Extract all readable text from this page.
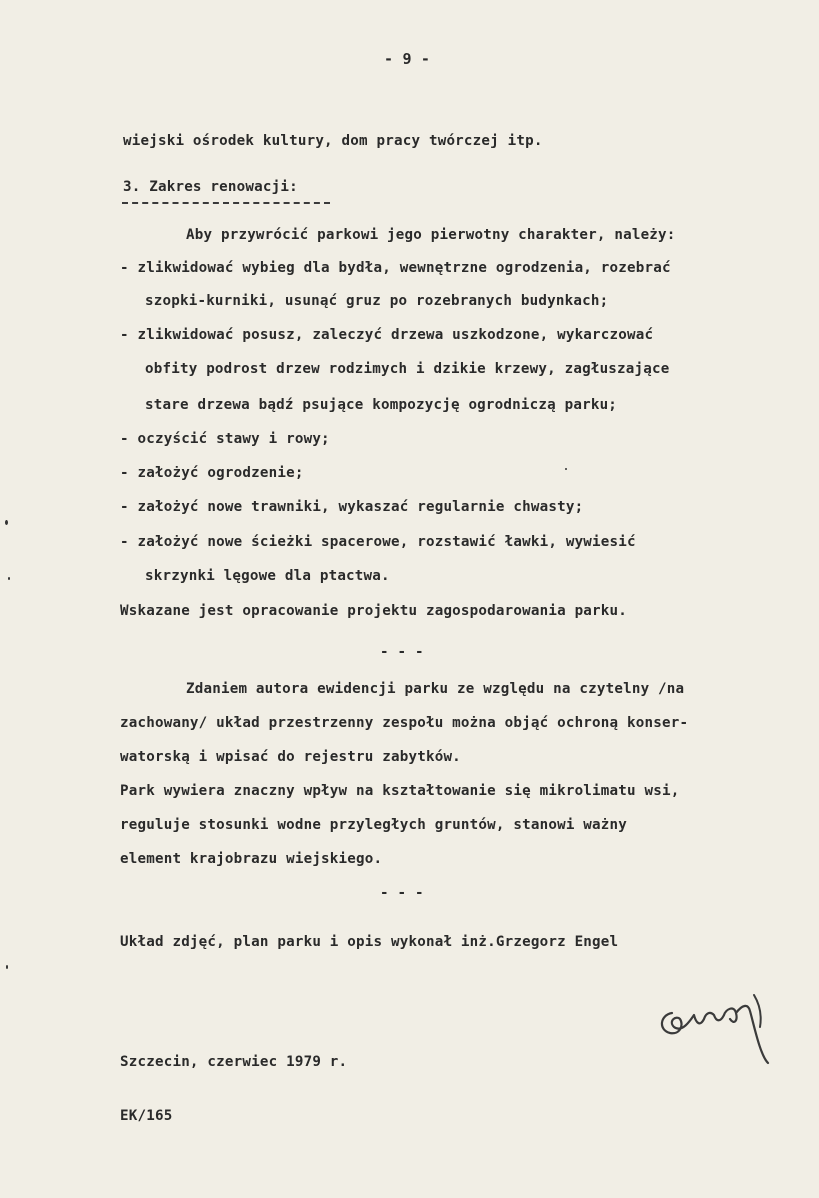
- 9 -

wiejski ośrodek kultury, dom pracy twórczej itp.

3. Zakres renowacji:

Aby przywrócić parkowi jego pierwotny charakter, należy:

- zlikwidować wybieg dla bydła, wewnętrzne ogrodzenia, rozebrać

szopki-kurniki, usunąć gruz po rozebranych budynkach;

- zlikwidować posusz, zaleczyć drzewa uszkodzone, wykarczować

obfity podrost drzew rodzimych i dzikie krzewy, zagłuszające

stare drzewa bądź psujące kompozycję ogrodniczą parku;

- oczyścić stawy i rowy;

- założyć ogrodzenie;

- założyć nowe trawniki, wykaszać regularnie chwasty;

- założyć nowe ścieżki spacerowe, rozstawić ławki, wywiesić

skrzynki lęgowe dla ptactwa.

Wskazane jest opracowanie projektu zagospodarowania parku.

- - -

Zdaniem autora ewidencji parku ze względu na czytelny /na

zachowany/ układ przestrzenny zespołu można objąć ochroną konser-

watorską i wpisać do rejestru zabytków.

Park wywiera znaczny wpływ na kształtowanie się mikrolimatu wsi,

reguluje stosunki wodne przyległych gruntów, stanowi ważny

element krajobrazu wiejskiego.

- - -

Układ zdjęć, plan parku i opis wykonał inż.Grzegorz Engel

Szczecin, czerwiec 1979 r.

EK/165
